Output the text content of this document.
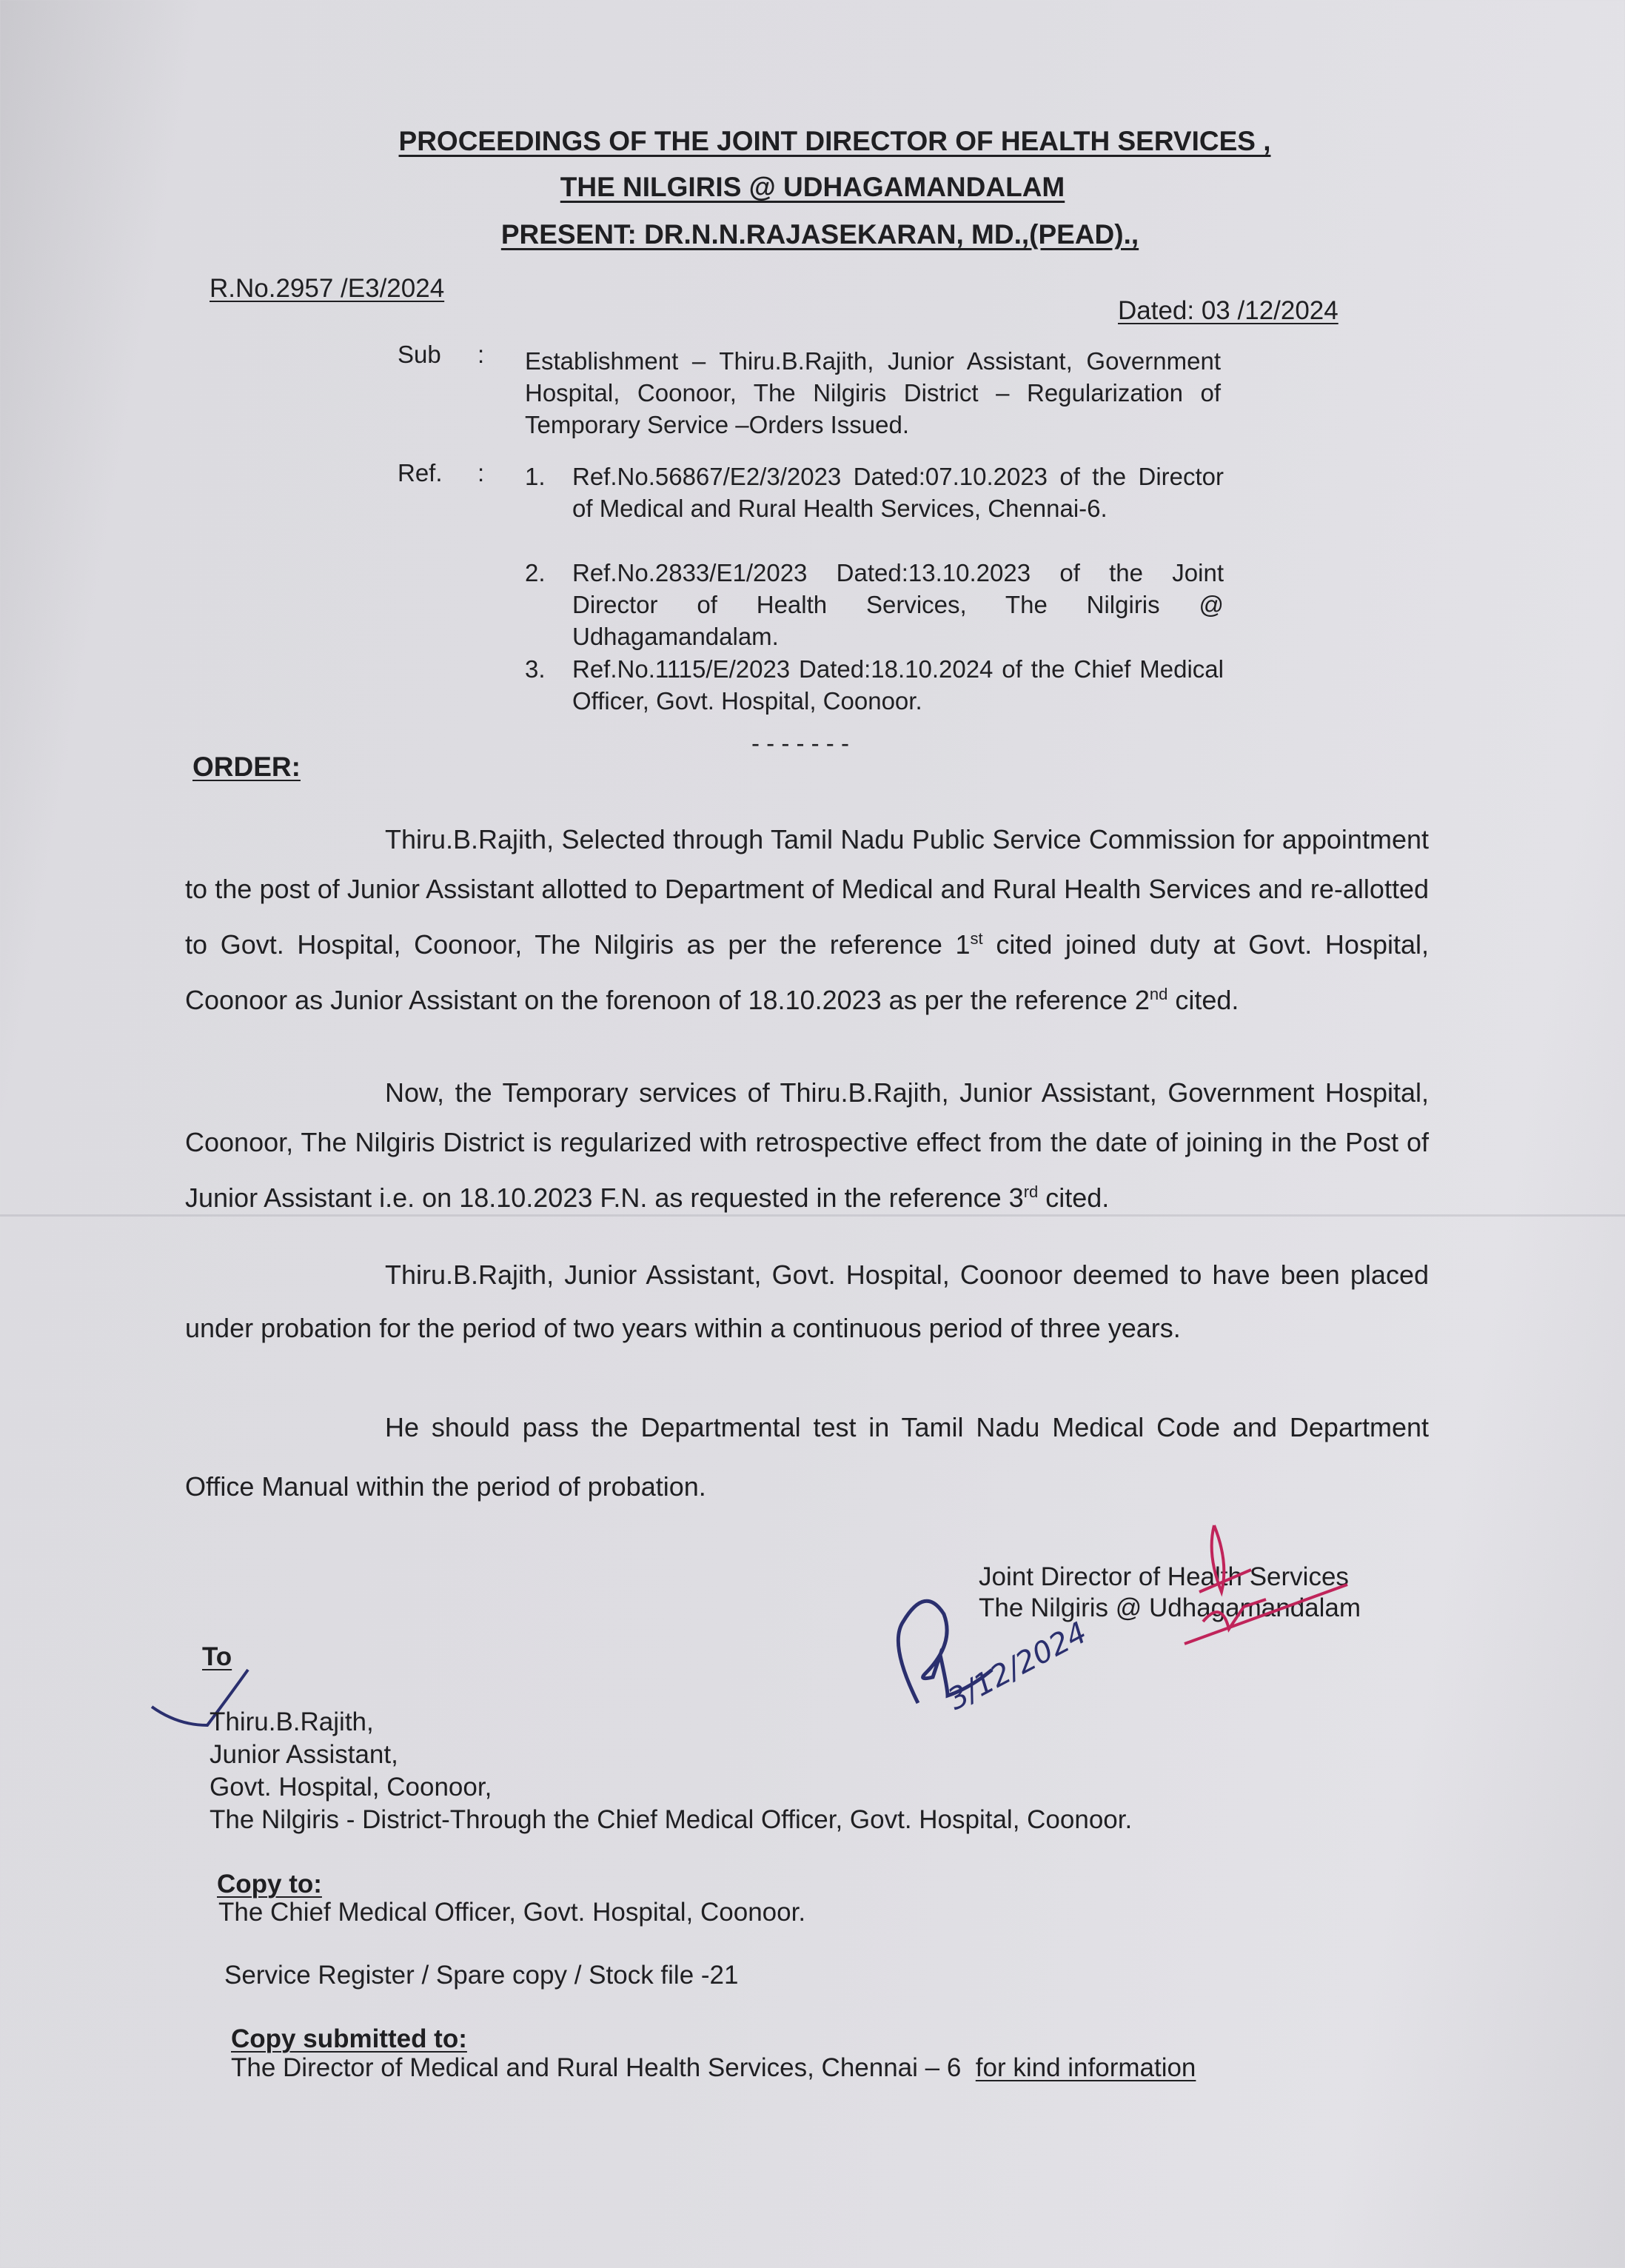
PROCEEDINGS OF THE JOINT DIRECTOR OF HEALTH SERVICES ,
THE NILGIRIS @ UDHAGAMANDALAM
PRESENT: DR.N.N.RAJASEKARAN, MD.,(PEAD).,
R.No.2957 /E3/2024
Dated: 03 /12/2024
Sub : Establishment – Thiru.B.Rajith, Junior Assistant, Government Hospital, Coonoor, The Nilgiris District – Regularization of Temporary Service –Orders Issued.
Ref. : 1. Ref.No.56867/E2/3/2023 Dated:07.10.2023 of the Director of Medical and Rural Health Services, Chennai-6.
2. Ref.No.2833/E1/2023 Dated:13.10.2023 of the Joint Director of Health Services, The Nilgiris @ Udhagamandalam.
3. Ref.No.1115/E/2023 Dated:18.10.2024 of the Chief Medical Officer, Govt. Hospital, Coonoor.
- - - - - - -
ORDER:
Thiru.B.Rajith, Selected through Tamil Nadu Public Service Commission for appointment to the post of Junior Assistant allotted to Department of Medical and Rural Health Services and re-allotted to Govt. Hospital, Coonoor, The Nilgiris as per the reference 1st cited joined duty at Govt. Hospital, Coonoor as Junior Assistant on the forenoon of 18.10.2023 as per the reference 2nd cited.
Now, the Temporary services of Thiru.B.Rajith, Junior Assistant, Government Hospital, Coonoor, The Nilgiris District is regularized with retrospective effect from the date of joining in the Post of Junior Assistant i.e. on 18.10.2023 F.N. as requested in the reference 3rd cited.
Thiru.B.Rajith, Junior Assistant, Govt. Hospital, Coonoor deemed to have been placed under probation for the period of two years within a continuous period of three years.
He should pass the Departmental test in Tamil Nadu Medical Code and Department Office Manual within the period of probation.
Joint Director of Health Services
The Nilgiris @ Udhagamandalam
3/12/2024
To
Thiru.B.Rajith,
Junior Assistant,
Govt. Hospital, Coonoor,
The Nilgiris - District-Through the Chief Medical Officer, Govt. Hospital, Coonoor.
Copy to:
The Chief Medical Officer, Govt. Hospital, Coonoor.
Service Register / Spare copy / Stock file -21
Copy submitted to:
The Director of Medical and Rural Health Services, Chennai – 6 for kind information
